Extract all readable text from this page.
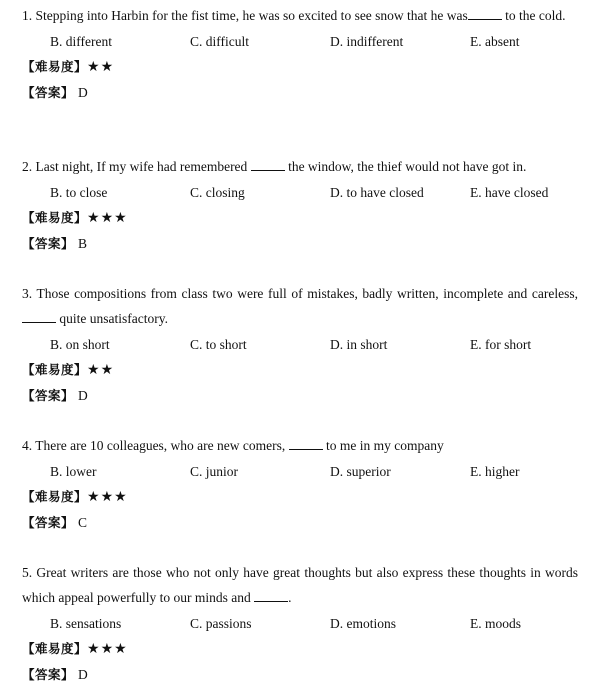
1. Stepping into Harbin for the fist time, he was so excited to see snow that he was	to the cold.

B. different	C. difficult	D. indifferent	E. absent

【难易度】★★

【答案】 D

2. Last night, If my wife had remembered	the window, the thief would not have got in.

B. to close	C. closing	D. to have closed	E. have closed

【难易度】★★★

【答案】 B

3. Those compositions from class two were full of mistakes, badly written, incomplete and careless,  quite unsatisfactory.

B. on short	C. to short	D. in short	E. for short

【难易度】★★

【答案】 D

4. There are 10 colleagues, who are new comers,	to me in my company

B. lower	C. junior	D. superior	E. higher

【难易度】★★★

【答案】 C

5. Great writers are those who not only have great thoughts but also express these thoughts in words which appeal powerfully to our minds and	.

B. sensations	C. passions	D. emotions	E. moods

【难易度】★★★

【答案】 D
